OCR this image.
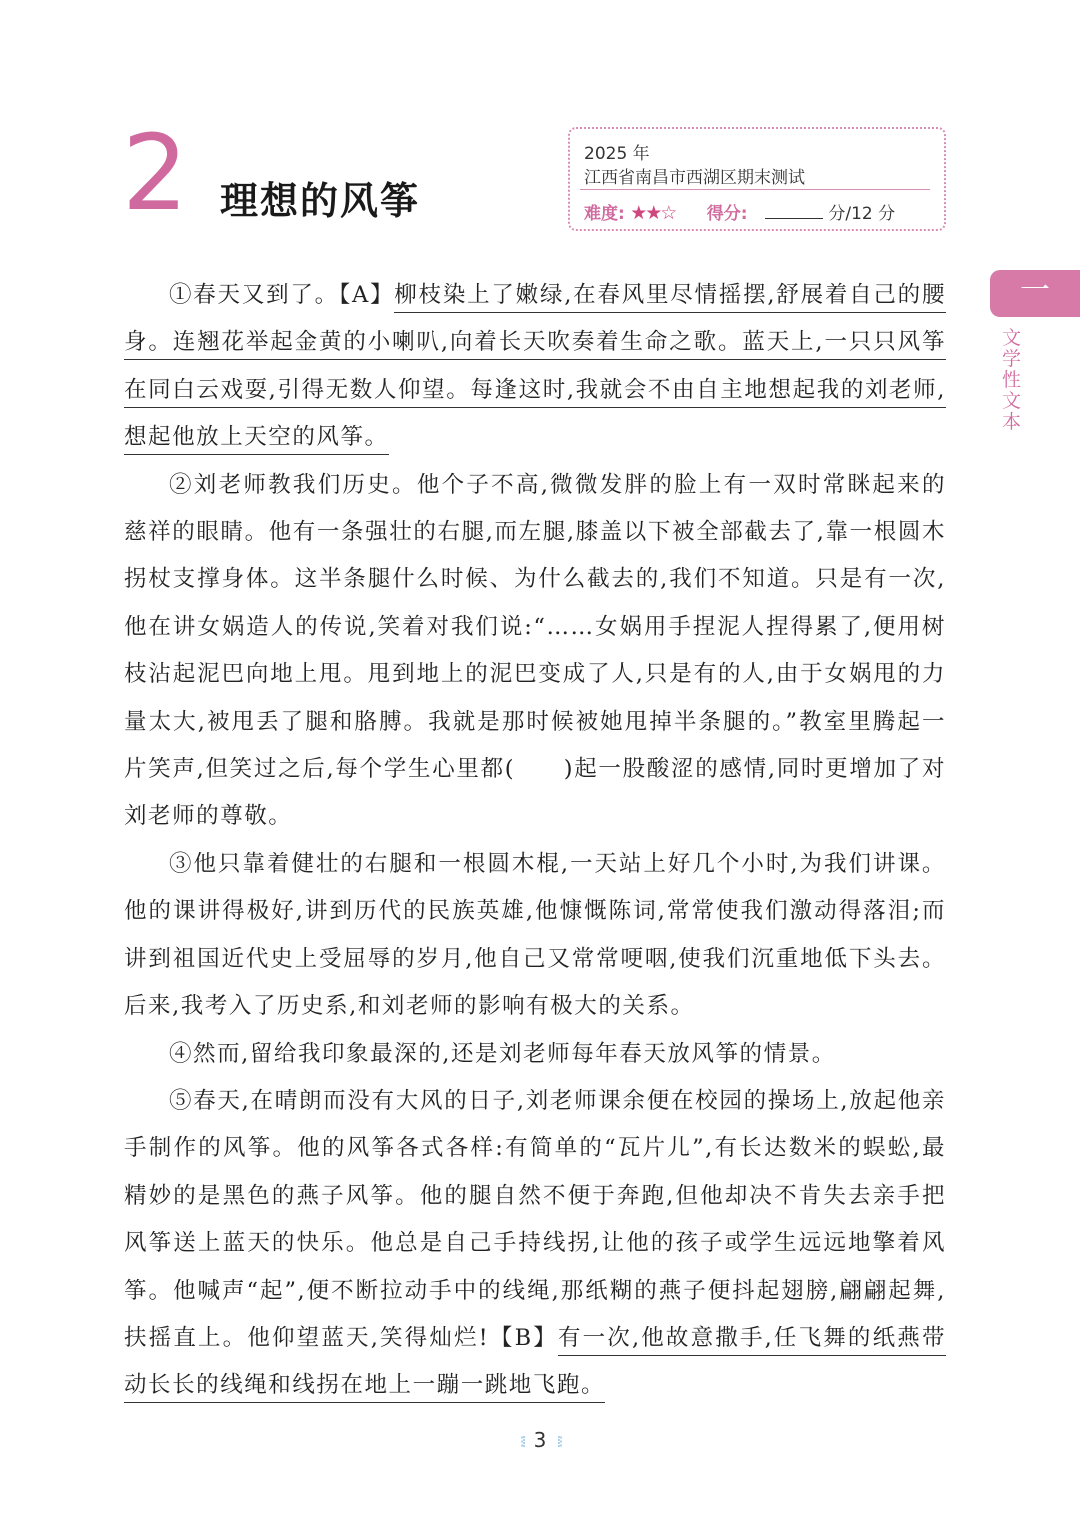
2 理想的风筝
2025 年
江西省南昌市西湖区期末测试
难度: ★★☆ 得分:	分/12 分
一
文学性文本

①春天又到了。【A】柳枝染上了嫩绿,在春风里尽情摇摆,舒展着自己的腰身。连翘花举起金黄的小喇叭,向着长天吹奏着生命之歌。蓝天上,一只只风筝在同白云戏耍,引得无数人仰望。每逢这时,我就会不由自主地想起我的刘老师,想起他放上天空的风筝。

②刘老师教我们历史。他个子不高,微微发胖的脸上有一双时常眯起来的慈祥的眼睛。他有一条强壮的右腿,而左腿,膝盖以下被全部截去了,靠一根圆木拐杖支撑身体。这半条腿什么时候、为什么截去的,我们不知道。只是有一次,他在讲女娲造人的传说,笑着对我们说:“……女娲用手捏泥人捏得累了,便用树枝沾起泥巴向地上甩。甩到地上的泥巴变成了人,只是有的人,由于女娲甩的力量太大,被甩丢了腿和胳膊。我就是那时候被她甩掉半条腿的。”教室里腾起一片笑声,但笑过之后,每个学生心里都(　　)起一股酸涩的感情,同时更增加了对刘老师的尊敬。

③他只靠着健壮的右腿和一根圆木棍,一天站上好几个小时,为我们讲课。他的课讲得极好,讲到历代的民族英雄,他慷慨陈词,常常使我们激动得落泪;而讲到祖国近代史上受屈辱的岁月,他自己又常常哽咽,使我们沉重地低下头去。后来,我考入了历史系,和刘老师的影响有极大的关系。

④然而,留给我印象最深的,还是刘老师每年春天放风筝的情景。

⑤春天,在晴朗而没有大风的日子,刘老师课余便在校园的操场上,放起他亲手制作的风筝。他的风筝各式各样:有简单的“瓦片儿”,有长达数米的蜈蚣,最精妙的是黑色的燕子风筝。他的腿自然不便于奔跑,但他却决不肯失去亲手把风筝送上蓝天的快乐。他总是自己手持线拐,让他的孩子或学生远远地擎着风筝。他喊声“起”,便不断拉动手中的线绳,那纸糊的燕子便抖起翅膀,翩翩起舞,扶摇直上。他仰望蓝天,笑得灿烂!【B】有一次,他故意撒手,任飞舞的纸燕带动长长的线绳和线拐在地上一蹦一跳地飞跑。

⁝⁞ 3 ⁞⁝
